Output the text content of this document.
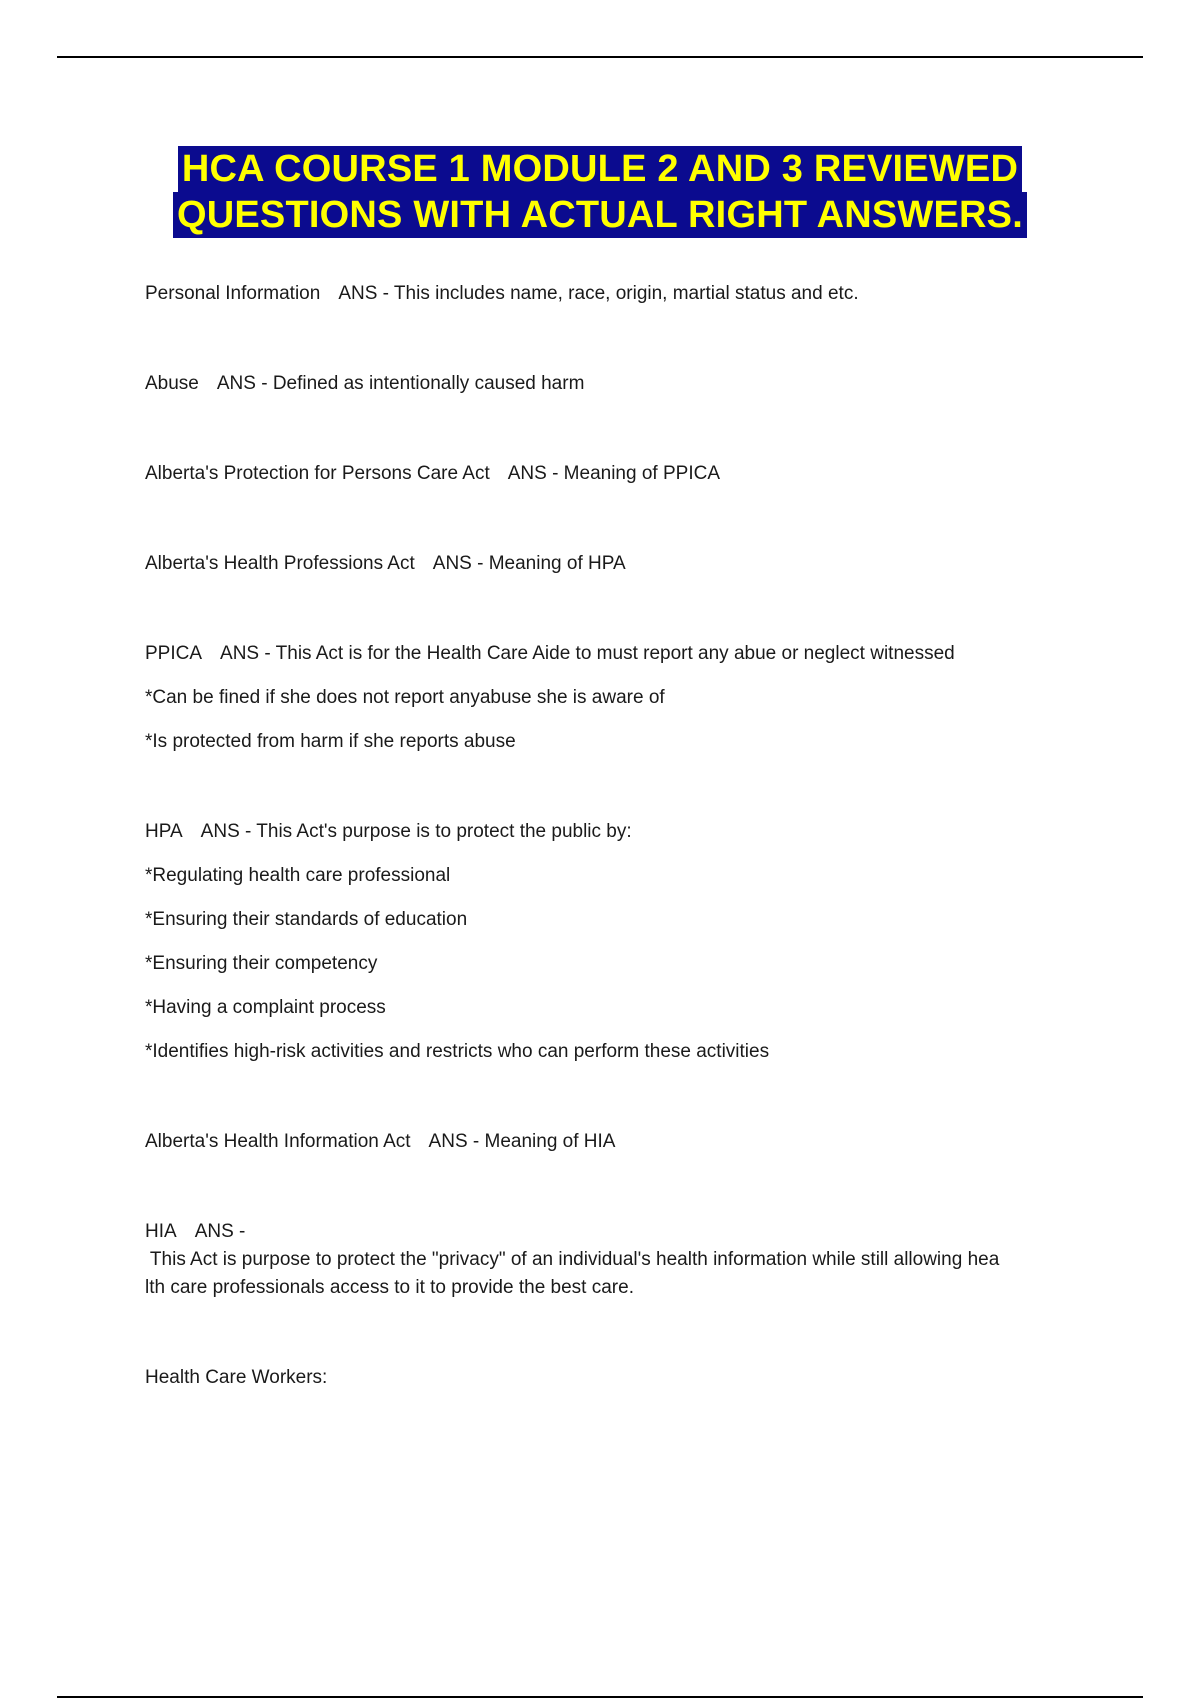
HCA COURSE 1 MODULE 2 AND 3 REVIEWED
QUESTIONS WITH ACTUAL RIGHT ANSWERS.

Personal Information ANS - This includes name, race, origin, martial status and etc.

Abuse ANS - Defined as intentionally caused harm

Alberta's Protection for Persons Care Act ANS - Meaning of PPICA

Alberta's Health Professions Act ANS - Meaning of HPA

PPICA ANS - This Act is for the Health Care Aide to must report any abue or neglect witnessed

*Can be fined if she does not report anyabuse she is aware of

*Is protected from harm if she reports abuse

HPA ANS - This Act's purpose is to protect the public by:

*Regulating health care professional

*Ensuring their standards of education

*Ensuring their competency

*Having a complaint process

*Identifies high-risk activities and restricts who can perform these activities

Alberta's Health Information Act ANS - Meaning of HIA

HIA ANS -

This Act is purpose to protect the "privacy" of an individual's health information while still allowing hea

lth care professionals access to it to provide the best care.

Health Care Workers:
